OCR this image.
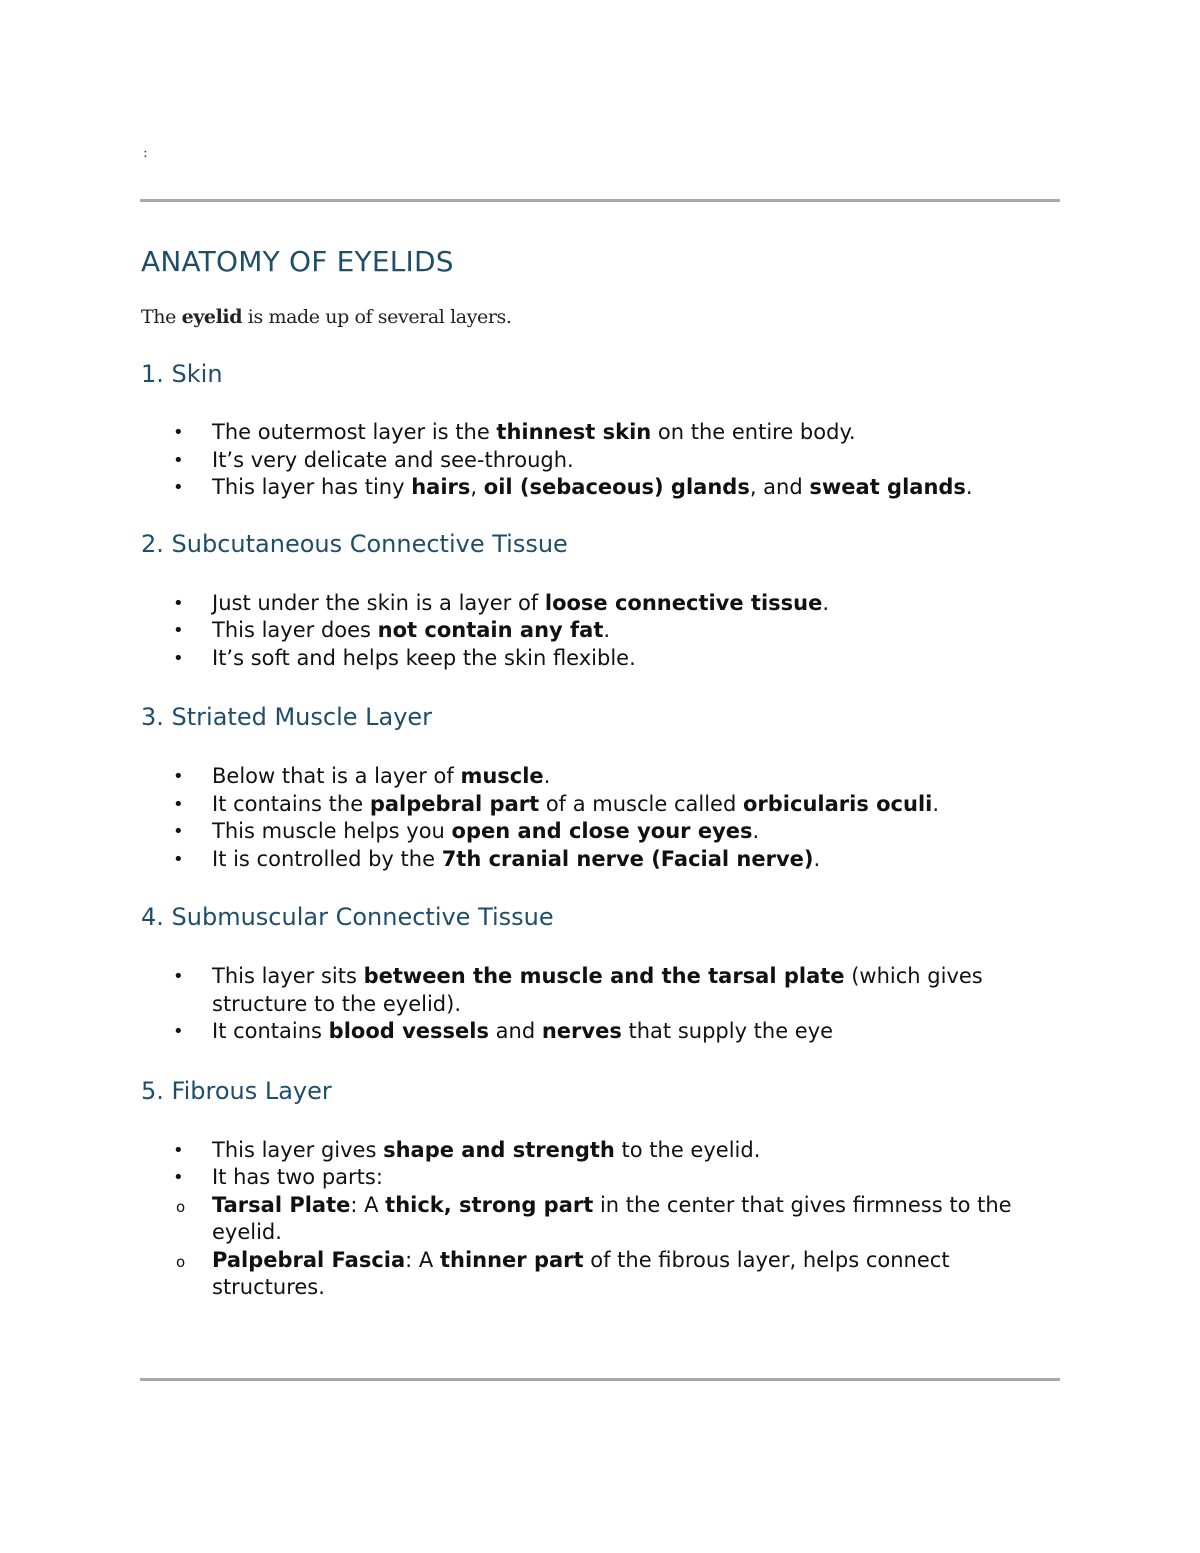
:
ANATOMY OF EYELIDS

The eyelid is made up of several layers.

1. Skin
• The outermost layer is the thinnest skin on the entire body.
• It’s very delicate and see-through.
• This layer has tiny hairs, oil (sebaceous) glands, and sweat glands.
2. Subcutaneous Connective Tissue
• Just under the skin is a layer of loose connective tissue.
• This layer does not contain any fat.
• It’s soft and helps keep the skin flexible.
3. Striated Muscle Layer
• Below that is a layer of muscle.
• It contains the palpebral part of a muscle called orbicularis oculi.
• This muscle helps you open and close your eyes.
• It is controlled by the 7th cranial nerve (Facial nerve).
4. Submuscular Connective Tissue
• This layer sits between the muscle and the tarsal plate (which gives structure to the eyelid).
• It contains blood vessels and nerves that supply the eye
5. Fibrous Layer
• This layer gives shape and strength to the eyelid.
• It has two parts:
o Tarsal Plate: A thick, strong part in the center that gives firmness to the eyelid.
o Palpebral Fascia: A thinner part of the fibrous layer, helps connect structures.
